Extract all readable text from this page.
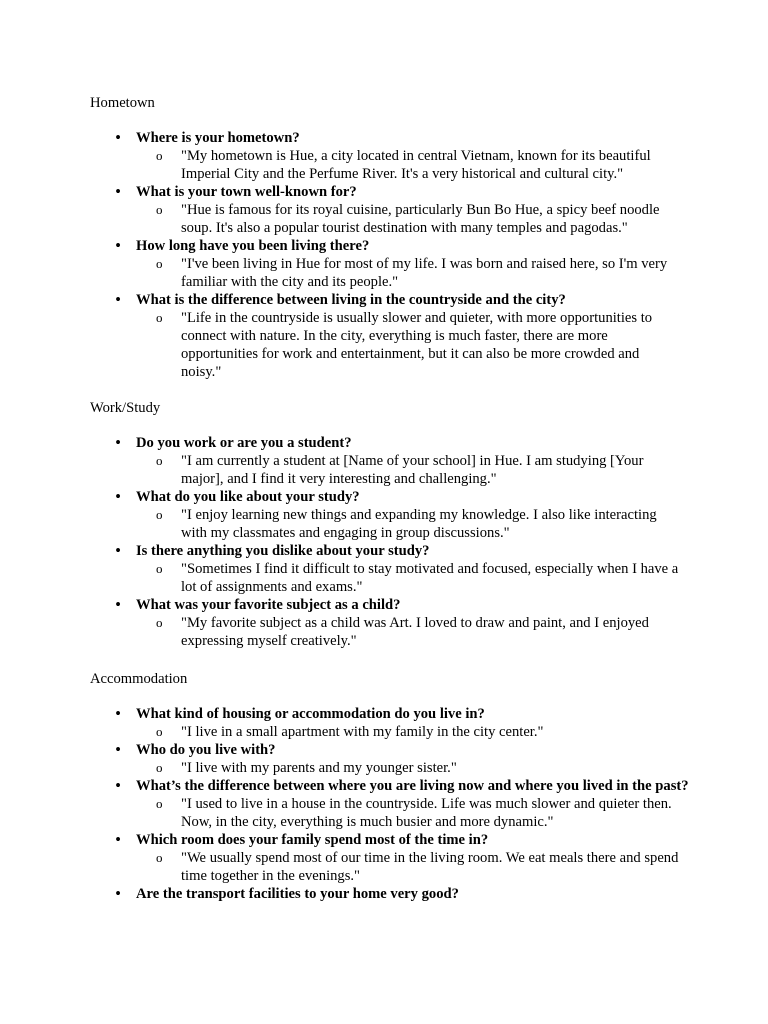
Hometown
• Where is your hometown?
o "My hometown is Hue, a city located in central Vietnam, known for its beautiful Imperial City and the Perfume River. It's a very historical and cultural city."
• What is your town well-known for?
o "Hue is famous for its royal cuisine, particularly Bun Bo Hue, a spicy beef noodle soup. It's also a popular tourist destination with many temples and pagodas."
• How long have you been living there?
o "I've been living in Hue for most of my life. I was born and raised here, so I'm very familiar with the city and its people."
• What is the difference between living in the countryside and the city?
o "Life in the countryside is usually slower and quieter, with more opportunities to connect with nature. In the city, everything is much faster, there are more opportunities for work and entertainment, but it can also be more crowded and noisy."
Work/Study
• Do you work or are you a student?
o "I am currently a student at [Name of your school] in Hue. I am studying [Your major], and I find it very interesting and challenging."
• What do you like about your study?
o "I enjoy learning new things and expanding my knowledge. I also like interacting with my classmates and engaging in group discussions."
• Is there anything you dislike about your study?
o "Sometimes I find it difficult to stay motivated and focused, especially when I have a lot of assignments and exams."
• What was your favorite subject as a child?
o "My favorite subject as a child was Art. I loved to draw and paint, and I enjoyed expressing myself creatively."
Accommodation
• What kind of housing or accommodation do you live in?
o "I live in a small apartment with my family in the city center."
• Who do you live with?
o "I live with my parents and my younger sister."
• What’s the difference between where you are living now and where you lived in the past?
o "I used to live in a house in the countryside. Life was much slower and quieter then. Now, in the city, everything is much busier and more dynamic."
• Which room does your family spend most of the time in?
o "We usually spend most of our time in the living room. We eat meals there and spend time together in the evenings."
• Are the transport facilities to your home very good?
